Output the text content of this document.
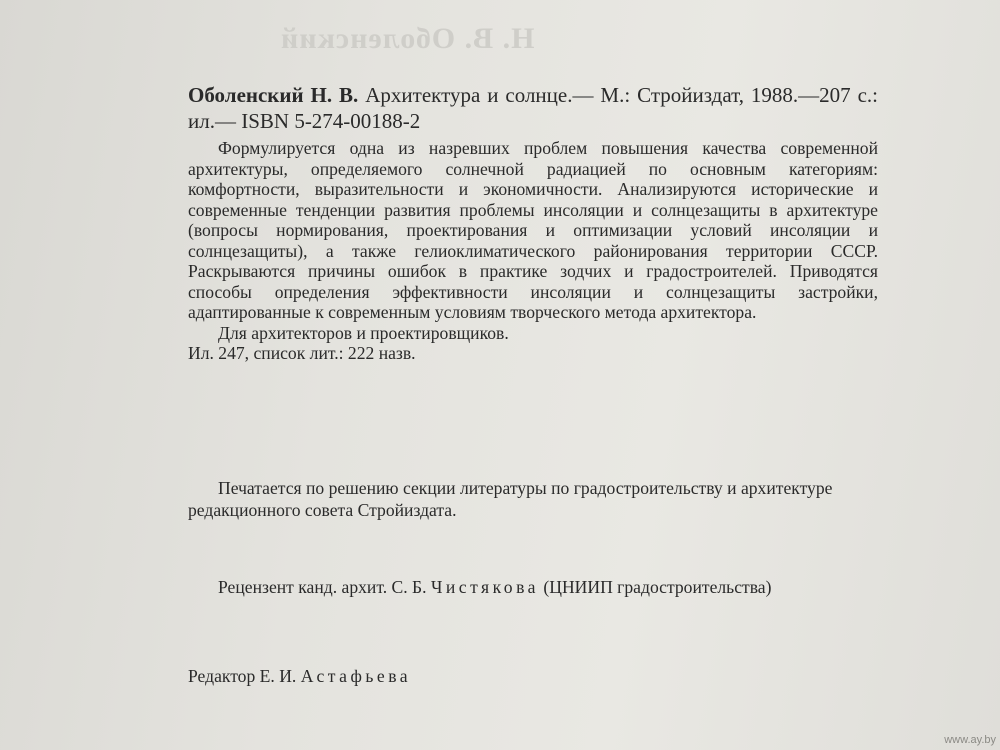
Н. В. Оболенский

Оболенский Н. В. Архитектура и солнце.— М.: Стройиздат, 1988.—207 с.: ил.— ISBN 5-274-00188-2

Формулируется одна из назревших проблем повышения качества современной архитектуры, определяемого солнечной радиацией по основным категориям: комфортности, выразительности и экономичности. Анализируются исторические и современные тенденции развития проблемы инсоляции и солнцезащиты в архитектуре (вопросы нормирования, проектирования и оптимизации условий инсоляции и солнцезащиты), а также гелиоклиматического районирования территории СССР. Раскрываются причины ошибок в практике зодчих и градостроителей. Приводятся способы определения эффективности инсоляции и солнцезащиты застройки, адаптированные к современным условиям творческого метода архитектора.

Для архитекторов и проектировщиков.

Ил. 247, список лит.: 222 назв.

Печатается по решению секции литературы по градостроительству и архитектуре редакционного совета Стройиздата.

Рецензент канд. архит. С. Б. Чистякова (ЦНИИП градостроительства)

Редактор Е. И. Астафьева

www.ay.by
